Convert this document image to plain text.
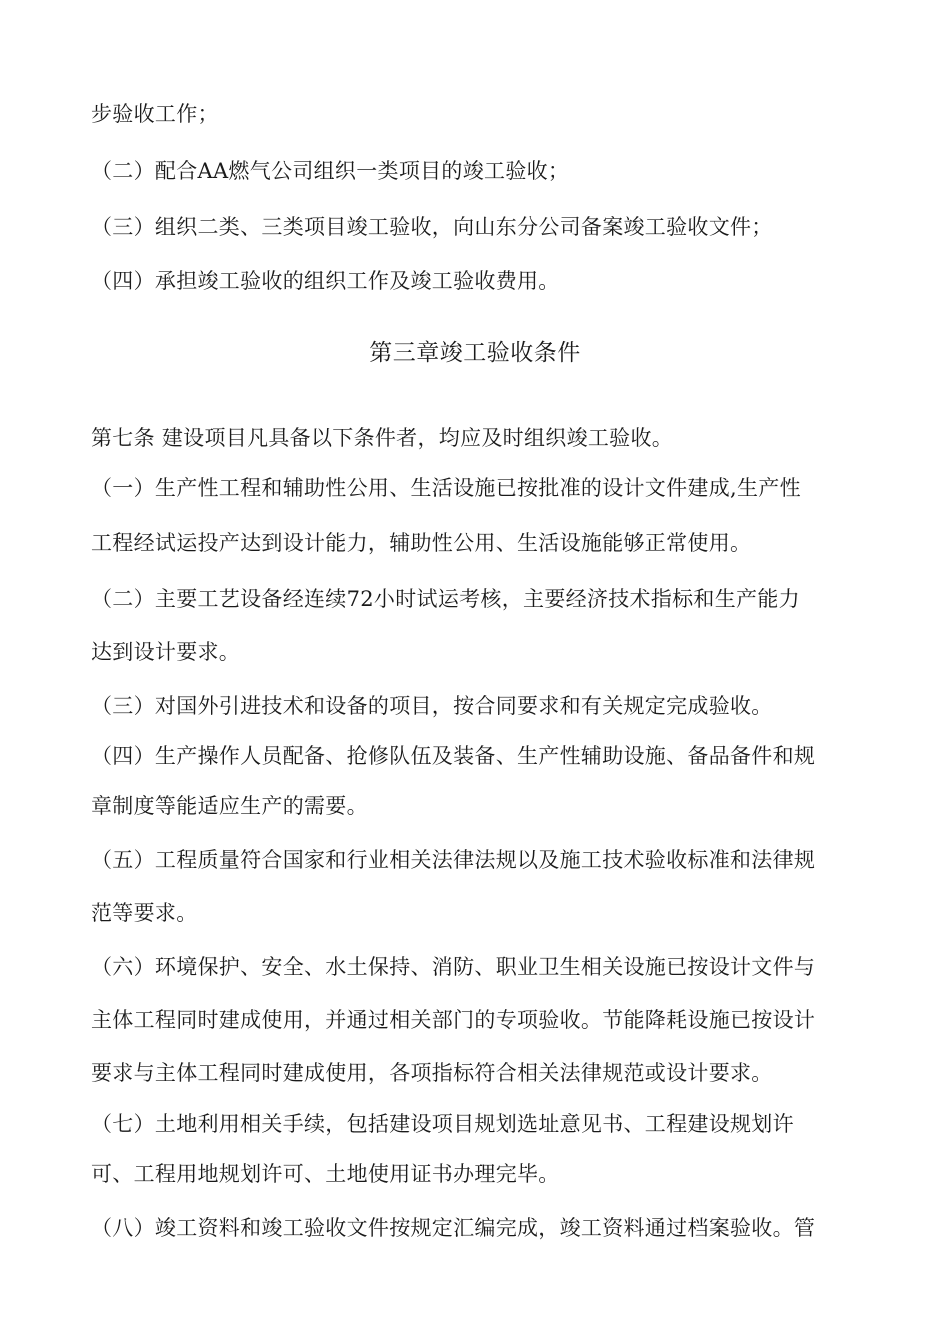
步验收工作；
（二）配合AA燃气公司组织一类项目的竣工验收；
（三）组织二类、三类项目竣工验收，向山东分公司备案竣工验收文件；
（四）承担竣工验收的组织工作及竣工验收费用。
第三章竣工验收条件
第七条 建设项目凡具备以下条件者，均应及时组织竣工验收。
（一）生产性工程和辅助性公用、生活设施已按批准的设计文件建成,生产性
工程经试运投产达到设计能力，辅助性公用、生活设施能够正常使用。
（二）主要工艺设备经连续72小时试运考核，主要经济技术指标和生产能力
达到设计要求。
（三）对国外引进技术和设备的项目，按合同要求和有关规定完成验收。
（四）生产操作人员配备、抢修队伍及装备、生产性辅助设施、备品备件和规
章制度等能适应生产的需要。
（五）工程质量符合国家和行业相关法律法规以及施工技术验收标准和法律规
范等要求。
（六）环境保护、安全、水土保持、消防、职业卫生相关设施已按设计文件与
主体工程同时建成使用，并通过相关部门的专项验收。节能降耗设施已按设计
要求与主体工程同时建成使用，各项指标符合相关法律规范或设计要求。
（七）土地利用相关手续，包括建设项目规划选址意见书、工程建设规划许
可、工程用地规划许可、土地使用证书办理完毕。
（八）竣工资料和竣工验收文件按规定汇编完成，竣工资料通过档案验收。管
